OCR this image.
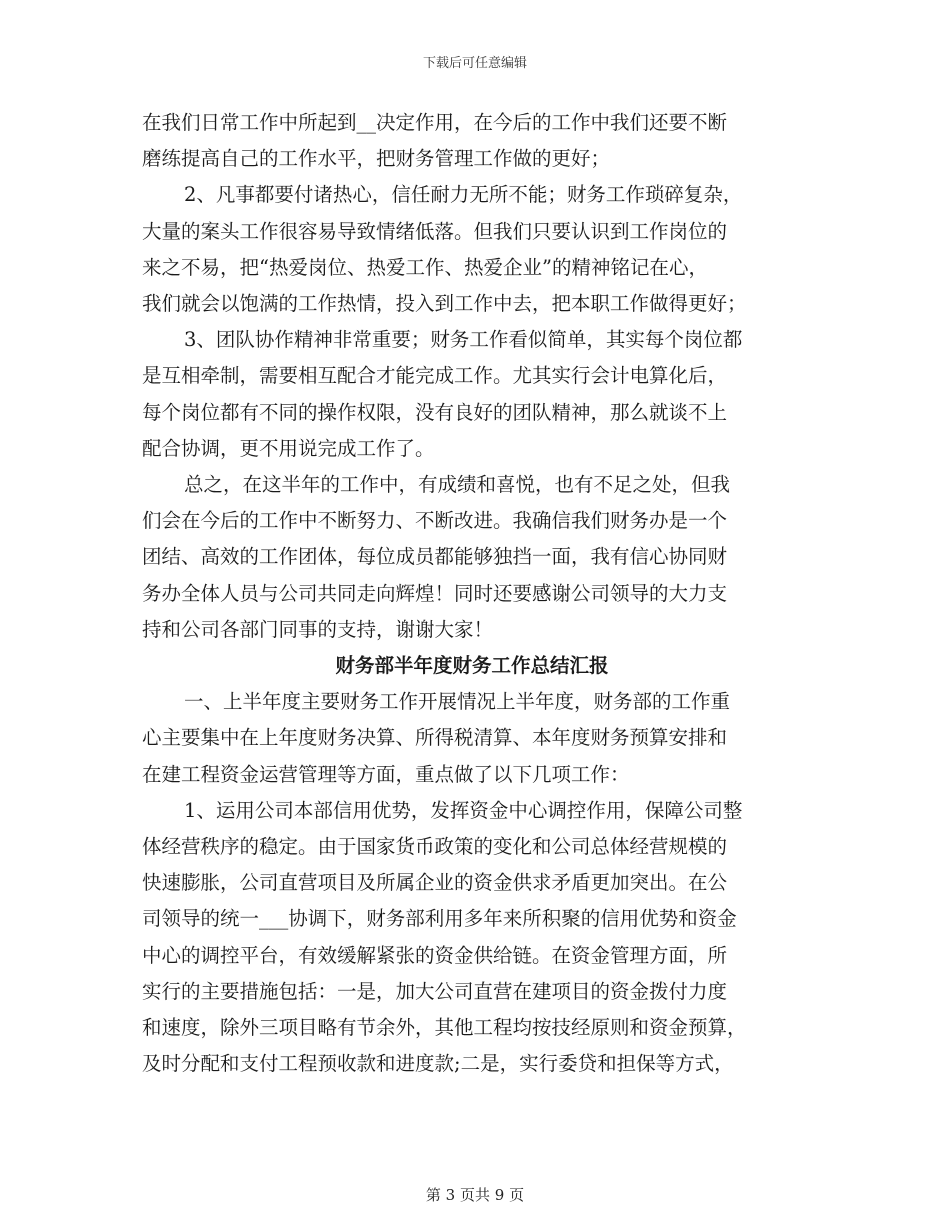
下载后可任意编辑

在我们日常工作中所起到__决定作用，在今后的工作中我们还要不断

磨练提高自己的工作水平，把财务管理工作做的更好；

2、凡事都要付诸热心，信任耐力无所不能；财务工作琐碎复杂，

大量的案头工作很容易导致情绪低落。但我们只要认识到工作岗位的

来之不易，把“热爱岗位、热爱工作、热爱企业”的精神铭记在心，

我们就会以饱满的工作热情，投入到工作中去，把本职工作做得更好；

3、团队协作精神非常重要；财务工作看似简单，其实每个岗位都

是互相牵制，需要相互配合才能完成工作。尤其实行会计电算化后，

每个岗位都有不同的操作权限，没有良好的团队精神，那么就谈不上

配合协调，更不用说完成工作了。

总之，在这半年的工作中，有成绩和喜悦，也有不足之处，但我

们会在今后的工作中不断努力、不断改进。我确信我们财务办是一个

团结、高效的工作团体，每位成员都能够独挡一面，我有信心协同财

务办全体人员与公司共同走向辉煌！同时还要感谢公司领导的大力支

持和公司各部门同事的支持，谢谢大家！

财务部半年度财务工作总结汇报

一、上半年度主要财务工作开展情况上半年度，财务部的工作重

心主要集中在上年度财务决算、所得税清算、本年度财务预算安排和

在建工程资金运营管理等方面，重点做了以下几项工作：

1、运用公司本部信用优势，发挥资金中心调控作用，保障公司整

体经营秩序的稳定。由于国家货币政策的变化和公司总体经营规模的

快速膨胀，公司直营项目及所属企业的资金供求矛盾更加突出。在公

司领导的统一___协调下，财务部利用多年来所积聚的信用优势和资金

中心的调控平台，有效缓解紧张的资金供给链。在资金管理方面，所

实行的主要措施包括：一是，加大公司直营在建项目的资金拨付力度

和速度，除外三项目略有节余外，其他工程均按技经原则和资金预算，

及时分配和支付工程预收款和进度款;二是，实行委贷和担保等方式，

第 3 页共 9 页
